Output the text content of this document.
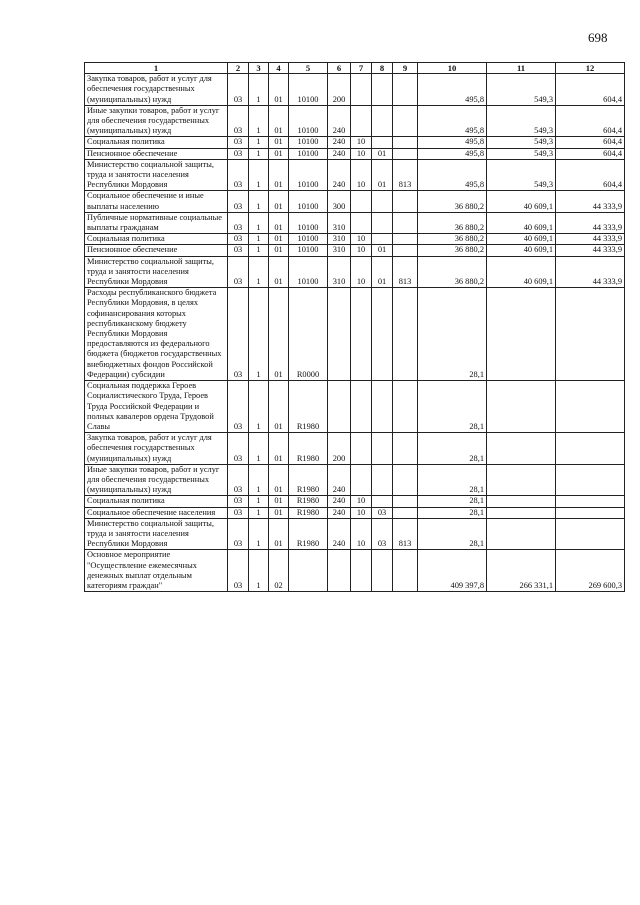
698
1	2	3	4	5	6	7	8	9	10	11	12
Закупка товаров, работ и услуг для обеспечения государственных (муниципальных) нужд	03	1	01	10100	200				495,8	549,3	604,4
Иные закупки товаров, работ и услуг для обеспечения государственных (муниципальных) нужд	03	1	01	10100	240				495,8	549,3	604,4
Социальная политика	03	1	01	10100	240	10			495,8	549,3	604,4
Пенсионное обеспечение	03	1	01	10100	240	10	01		495,8	549,3	604,4
Министерство социальной защиты, труда и занятости населения Республики Мордовия	03	1	01	10100	240	10	01	813	495,8	549,3	604,4
Социальное обеспечение и иные выплаты населению	03	1	01	10100	300				36 880,2	40 609,1	44 333,9
Публичные нормативные социальные выплаты гражданам	03	1	01	10100	310				36 880,2	40 609,1	44 333,9
Социальная политика	03	1	01	10100	310	10			36 880,2	40 609,1	44 333,9
Пенсионное обеспечение	03	1	01	10100	310	10	01		36 880,2	40 609,1	44 333,9
Министерство социальной защиты, труда и занятости населения Республики Мордовия	03	1	01	10100	310	10	01	813	36 880,2	40 609,1	44 333,9
Расходы республиканского бюджета Республики Мордовия, в целях софинансирования которых республиканскому бюджету Республики Мордовия предоставляются из федерального бюджета (бюджетов государственных внебюджетных фондов Российской Федерации) субсидии	03	1	01	R0000					28,1		
Социальная поддержка Героев Социалистического Труда, Героев Труда Российской Федерации и полных кавалеров ордена Трудовой Славы	03	1	01	R1980					28,1		
Закупка товаров, работ и услуг для обеспечения государственных (муниципальных) нужд	03	1	01	R1980	200				28,1		
Иные закупки товаров, работ и услуг для обеспечения государственных (муниципальных) нужд	03	1	01	R1980	240				28,1		
Социальная политика	03	1	01	R1980	240	10			28,1		
Социальное обеспечение населения	03	1	01	R1980	240	10	03		28,1		
Министерство социальной защиты, труда и занятости населения Республики Мордовия	03	1	01	R1980	240	10	03	813	28,1		
Основное мероприятие "Осуществление ежемесячных денежных выплат отдельным категориям граждан"	03	1	02						409 397,8	266 331,1	269 600,3
